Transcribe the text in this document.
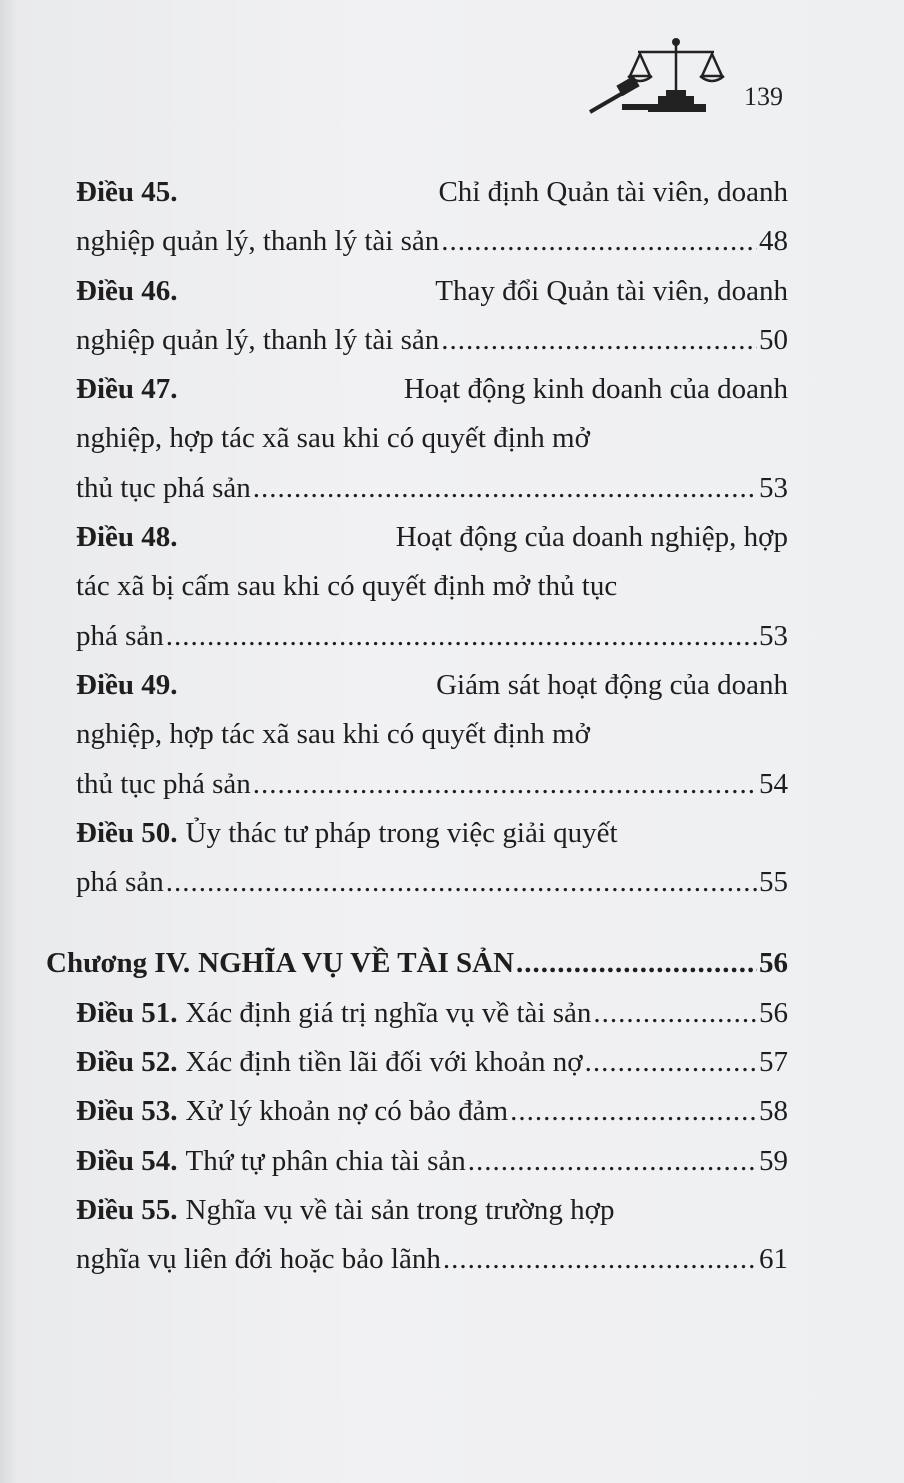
139
Điều 45.	Chỉ định Quản tài viên, doanh
nghiệp quản lý, thanh lý tài sản .....	48
Điều 46.	Thay đổi Quản tài viên, doanh
nghiệp quản lý, thanh lý tài sản .....	50
Điều 47.	Hoạt động kinh doanh của doanh
nghiệp, hợp tác xã sau khi có quyết định mở
thủ tục phá sản .....	53
Điều 48.	Hoạt động của doanh nghiệp, hợp
tác xã bị cấm sau khi có quyết định mở thủ tục
phá sản .....	53
Điều 49.	Giám sát hoạt động của doanh
nghiệp, hợp tác xã sau khi có quyết định mở
thủ tục phá sản .....	54
Điều 50. Ủy thác tư pháp trong việc giải quyết
phá sản .....	55
Chương IV. NGHĨA VỤ VỀ TÀI SẢN .....	56
Điều 51. Xác định giá trị nghĩa vụ về tài sản .....	56
Điều 52. Xác định tiền lãi đối với khoản nợ .....	57
Điều 53. Xử lý khoản nợ có bảo đảm .....	58
Điều 54. Thứ tự phân chia tài sản .....	59
Điều 55. Nghĩa vụ về tài sản trong trường hợp
nghĩa vụ liên đới hoặc bảo lãnh .....	61
